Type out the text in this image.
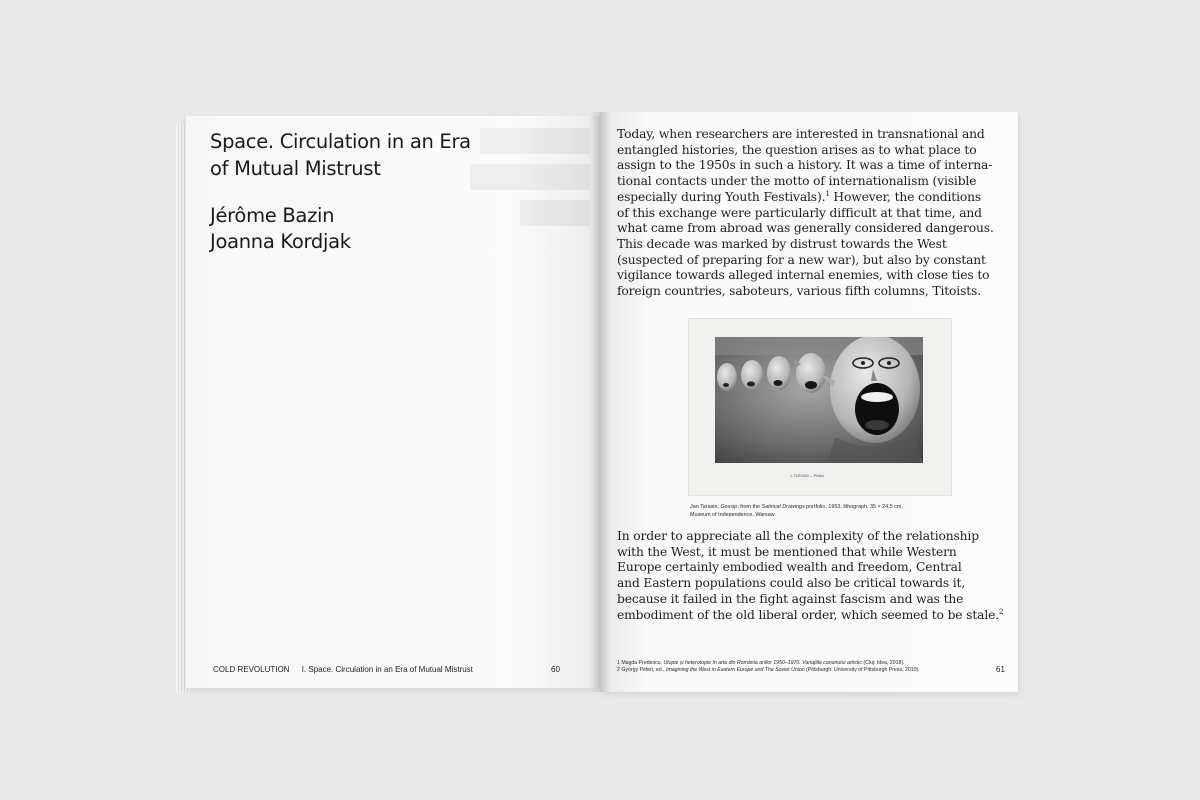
Space. Circulation in an Era
of Mutual Mistrust
Jérôme Bazin
Joanna Kordjak
COLD REVOLUTION I. Space. Circulation in an Era of Mutual Mistrust	60
Today, when researchers are interested in transnational and
entangled histories, the question arises as to what place to
assign to the 1950s in such a history. It was a time of interna-
tional contacts under the motto of internationalism (visible
especially during Youth Festivals).$^1$ However, the conditions
of this exchange were particularly difficult at that time, and
what came from abroad was generally considered dangerous.
This decade was marked by distrust towards the West
(suspected of preparing for a new war), but also by constant
vigilance towards alleged internal enemies, with close ties to
foreign countries, saboteurs, various fifth columns, Titoists.
J. TARASIN — Plotka
Jan Tarasin, Gossip, from the Satirical Drawings portfolio, 1953, lithograph, 35 × 24.5 cm,
Museum of Independence, Warsaw
In order to appreciate all the complexity of the relationship
with the West, it must be mentioned that while Western
Europe certainly embodied wealth and freedom, Central
and Eastern populations could also be critical towards it,
because it failed in the fight against fascism and was the
embodiment of the old liberal order, which seemed to be stale.$^2$
1 Magda Predescu, Utopie și heterotopie în arta din România anilor 1950–1970. Variațiile canonului artistic (Cluj: Idea, 2018).
2 György Péteri, ed., Imagining the West in Eastern Europe and The Soviet Union (Pittsburgh: University of Pittsburgh Press, 2010).	61
